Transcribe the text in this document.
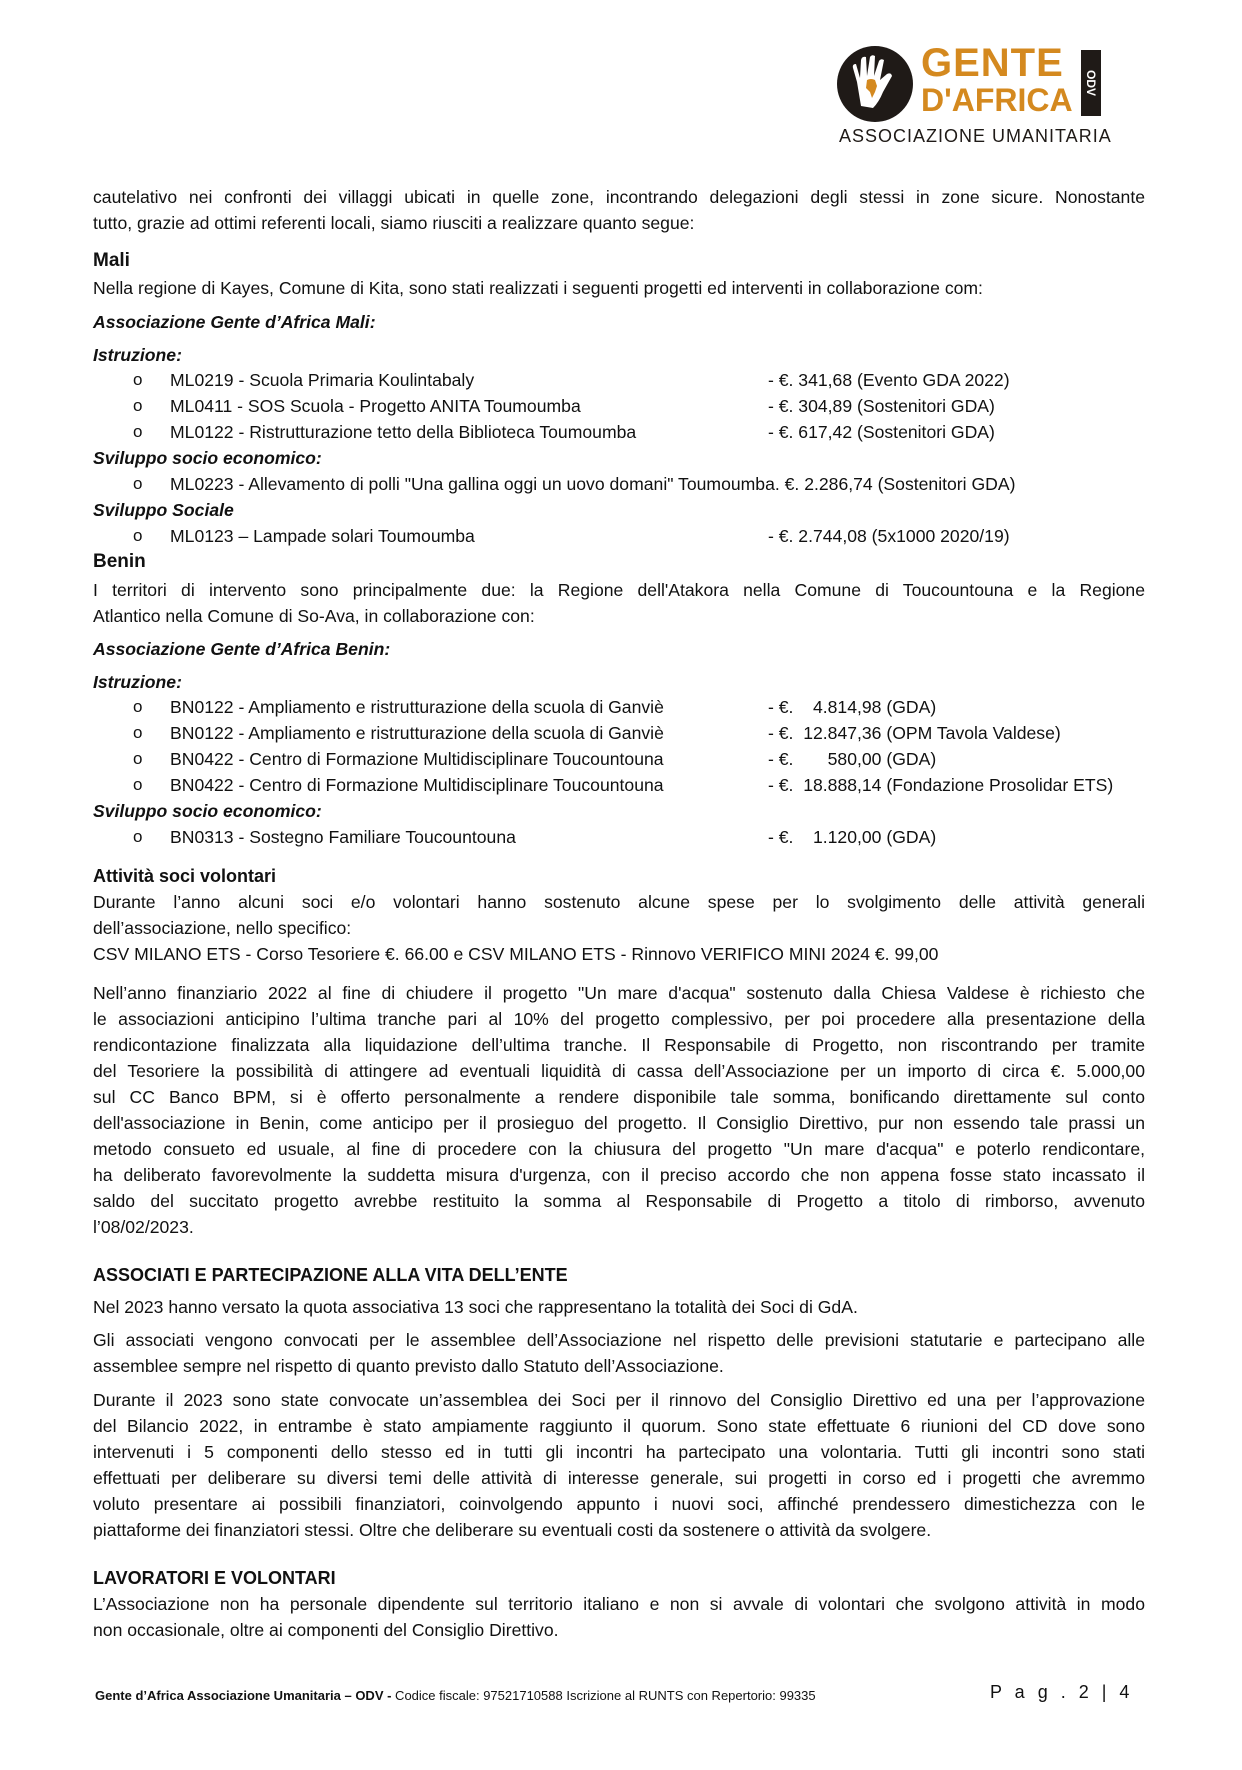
GENTE
D'AFRICA ODV
ASSOCIAZIONE UMANITARIA
cautelativo nei confronti dei villaggi ubicati in quelle zone, incontrando delegazioni degli stessi in zone sicure. Nonostante
tutto, grazie ad ottimi referenti locali, siamo riusciti a realizzare quanto segue:
Mali
Nella regione di Kayes, Comune di Kita, sono stati realizzati i seguenti progetti ed interventi in collaborazione com:
Associazione Gente d’Africa Mali:
Istruzione:
o ML0219 - Scuola Primaria Koulintabaly	- €. 341,68 (Evento GDA 2022)
o ML0411 - SOS Scuola - Progetto ANITA Toumoumba	- €. 304,89 (Sostenitori GDA)
o ML0122 - Ristrutturazione tetto della Biblioteca Toumoumba	- €. 617,42 (Sostenitori GDA)
Sviluppo socio economico:
o ML0223 - Allevamento di polli "Una gallina oggi un uovo domani" Toumoumba. €. 2.286,74 (Sostenitori GDA)
Sviluppo Sociale
o ML0123 – Lampade solari Toumoumba	- €. 2.744,08 (5x1000 2020/19)
Benin
I territori di intervento sono principalmente due: la Regione dell'Atakora nella Comune di Toucountouna e la Regione
Atlantico nella Comune di So-Ava, in collaborazione con:
Associazione Gente d’Africa Benin:
Istruzione:
o BN0122 - Ampliamento e ristrutturazione della scuola di Ganviè	- €.    4.814,98 (GDA)
o BN0122 - Ampliamento e ristrutturazione della scuola di Ganviè	- €.  12.847,36 (OPM Tavola Valdese)
o BN0422 - Centro di Formazione Multidisciplinare Toucountouna	- €.       580,00 (GDA)
o BN0422 - Centro di Formazione Multidisciplinare Toucountouna	- €.  18.888,14 (Fondazione Prosolidar ETS)
Sviluppo socio economico:
o BN0313 - Sostegno Familiare Toucountouna	- €.    1.120,00 (GDA)
Attività soci volontari
Durante l’anno alcuni soci e/o volontari hanno sostenuto alcune spese per lo svolgimento delle attività generali
dell’associazione, nello specifico:
CSV MILANO ETS - Corso Tesoriere €. 66.00 e CSV MILANO ETS - Rinnovo VERIFICO MINI 2024 €. 99,00
Nell’anno finanziario 2022 al fine di chiudere il progetto "Un mare d'acqua" sostenuto dalla Chiesa Valdese è richiesto che
le associazioni anticipino l’ultima tranche pari al 10% del progetto complessivo, per poi procedere alla presentazione della
rendicontazione finalizzata alla liquidazione dell’ultima tranche. Il Responsabile di Progetto, non riscontrando per tramite
del Tesoriere la possibilità di attingere ad eventuali liquidità di cassa dell’Associazione per un importo di circa €. 5.000,00
sul CC Banco BPM, si è offerto personalmente a rendere disponibile tale somma, bonificando direttamente sul conto
dell'associazione in Benin, come anticipo per il prosieguo del progetto. Il Consiglio Direttivo, pur non essendo tale prassi un
metodo consueto ed usuale, al fine di procedere con la chiusura del progetto "Un mare d'acqua" e poterlo rendicontare,
ha deliberato favorevolmente la suddetta misura d'urgenza, con il preciso accordo che non appena fosse stato incassato il
saldo del succitato progetto avrebbe restituito la somma al Responsabile di Progetto a titolo di rimborso, avvenuto
l’08/02/2023.
ASSOCIATI E PARTECIPAZIONE ALLA VITA DELL’ENTE
Nel 2023 hanno versato la quota associativa 13 soci che rappresentano la totalità dei Soci di GdA.
Gli associati vengono convocati per le assemblee dell’Associazione nel rispetto delle previsioni statutarie e partecipano alle
assemblee sempre nel rispetto di quanto previsto dallo Statuto dell’Associazione.
Durante il 2023 sono state convocate un’assemblea dei Soci per il rinnovo del Consiglio Direttivo ed una per l’approvazione
del Bilancio 2022, in entrambe è stato ampiamente raggiunto il quorum. Sono state effettuate 6 riunioni del CD dove sono
intervenuti i 5 componenti dello stesso ed in tutti gli incontri ha partecipato una volontaria. Tutti gli incontri sono stati
effettuati per deliberare su diversi temi delle attività di interesse generale, sui progetti in corso ed i progetti che avremmo
voluto presentare ai possibili finanziatori, coinvolgendo appunto i nuovi soci, affinché prendessero dimestichezza con le
piattaforme dei finanziatori stessi. Oltre che deliberare su eventuali costi da sostenere o attività da svolgere.
LAVORATORI E VOLONTARI
L’Associazione non ha personale dipendente sul territorio italiano e non si avvale di volontari che svolgono attività in modo
non occasionale, oltre ai componenti del Consiglio Direttivo.
Gente d’Africa Associazione Umanitaria – ODV - Codice fiscale: 97521710588 Iscrizione al RUNTS con Repertorio: 99335	P a g . 2 | 4
